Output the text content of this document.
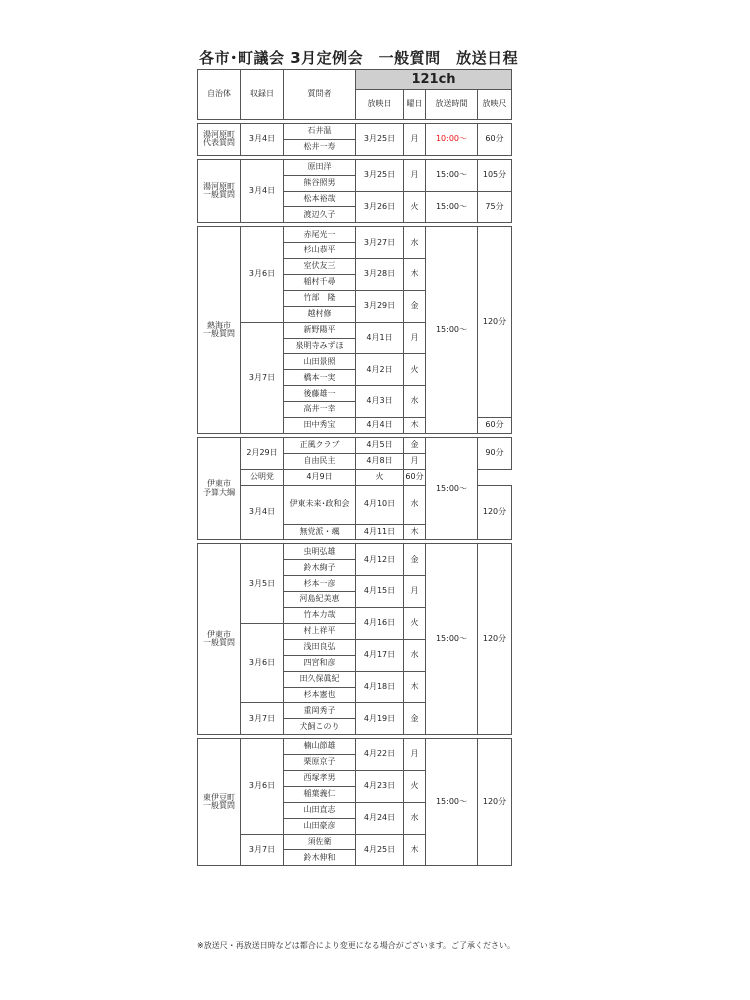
各市･町議会 3月定例会　一般質問　放送日程
自治体	収録日	質問者	121ch			
			放映日	曜日	放送時間	放映尺

湯河原町
代表質問	3月4日	石井温	3月25日	月	10:00～	60分
		松井一寿				

湯河原町
一般質問	3月4日	原田洋	3月25日	月	15:00～	105分
		熊谷照男				
		松本裕哉	3月26日	火	15:00～	75分
		渡辺久子				

熱海市
一般質問	3月6日	赤尾光一	3月27日	水	15:00～	120分
		杉山恭平				
		室伏友三	3月28日	木		
		稲村千尋				
		竹部　隆	3月29日	金		
		越村修				
	3月7日	新野陽平	4月1日	月		
		泉明寺みずほ				
		山田景照	4月2日	火		
		橋本一実				
		後藤雄一	4月3日	水		
		高井一幸				
		田中秀宝	4月4日	木		60分

伊東市
予算大綱	2月29日	正風クラブ	4月5日	金	15:00～	90分

		自由民主	4月8日	月		

	公明党	4月9日	火	60分		
	3月4日	伊東未来･政和会	4月10日	水		120分
		無党派・颯	4月11日	木		

伊東市
一般質問	3月5日	虫明弘雄	4月12日	金	15:00～	120分
		鈴木絢子				
		杉本一彦	4月15日	月		
		河島紀美恵				
		竹本力哉	4月16日	火		
	3月6日	村上祥平				
		浅田良弘	4月17日	水		
		四宮和彦				
		田久保眞紀	4月18日	木		
		杉本憲也				
	3月7日	重岡秀子	4月19日	金		
		犬飼このり				

東伊豆町
一般質問	3月6日	楠山節雄	4月22日	月	15:00～	120分
		栗原京子				
		西塚孝男	4月23日	火		
		稲葉義仁				
		山田直志	4月24日	水		
		山田豪彦				
	3月7日	須佐衛	4月25日	木		
		鈴木伸和				

※放送尺・再放送日時などは都合により変更になる場合がございます。ご了承ください。
